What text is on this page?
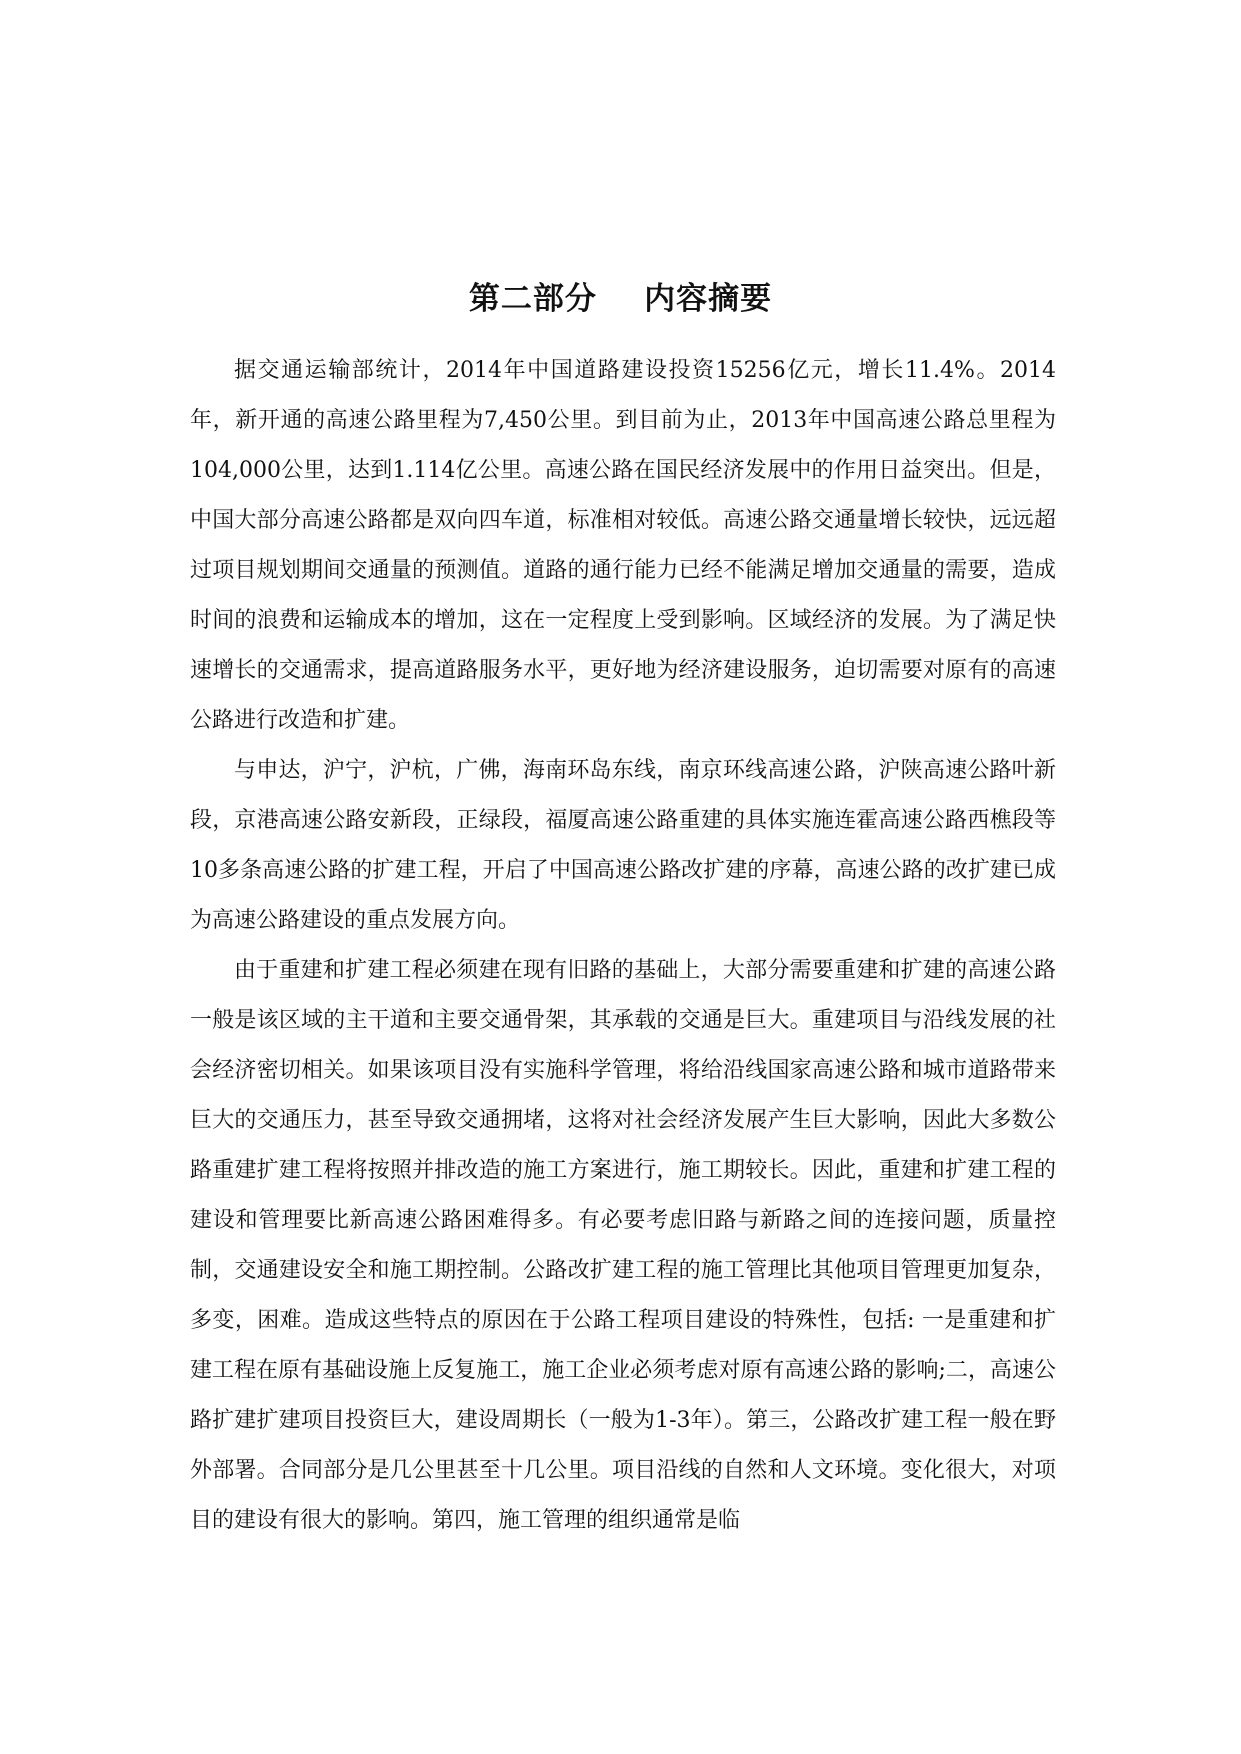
第二部分    内容摘要

据交通运输部统计，2014年中国道路建设投资15256亿元，增长11.4%。2014年，新开通的高速公路里程为7,450公里。到目前为止，2013年中国高速公路总里程为104,000公里，达到1.114亿公里。高速公路在国民经济发展中的作用日益突出。但是，中国大部分高速公路都是双向四车道，标准相对较低。高速公路交通量增长较快，远远超过项目规划期间交通量的预测值。道路的通行能力已经不能满足增加交通量的需要，造成时间的浪费和运输成本的增加，这在一定程度上受到影响。区域经济的发展。为了满足快速增长的交通需求，提高道路服务水平，更好地为经济建设服务，迫切需要对原有的高速公路进行改造和扩建。

与申达，沪宁，沪杭，广佛，海南环岛东线，南京环线高速公路，沪陕高速公路叶新段，京港高速公路安新段，正绿段，福厦高速公路重建的具体实施连霍高速公路西樵段等10多条高速公路的扩建工程，开启了中国高速公路改扩建的序幕，高速公路的改扩建已成为高速公路建设的重点发展方向。

由于重建和扩建工程必须建在现有旧路的基础上，大部分需要重建和扩建的高速公路一般是该区域的主干道和主要交通骨架，其承载的交通是巨大。重建项目与沿线发展的社会经济密切相关。如果该项目没有实施科学管理，将给沿线国家高速公路和城市道路带来巨大的交通压力，甚至导致交通拥堵，这将对社会经济发展产生巨大影响，因此大多数公路重建扩建工程将按照并排改造的施工方案进行，施工期较长。因此，重建和扩建工程的建设和管理要比新高速公路困难得多。有必要考虑旧路与新路之间的连接问题，质量控制，交通建设安全和施工期控制。公路改扩建工程的施工管理比其他项目管理更加复杂，多变，困难。造成这些特点的原因在于公路工程项目建设的特殊性，包括: 一是重建和扩建工程在原有基础设施上反复施工，施工企业必须考虑对原有高速公路的影响;二，高速公路扩建扩建项目投资巨大，建设周期长（一般为1-3年）。第三，公路改扩建工程一般在野外部署。合同部分是几公里甚至十几公里。项目沿线的自然和人文环境。变化很大，对项目的建设有很大的影响。第四，施工管理的组织通常是临
